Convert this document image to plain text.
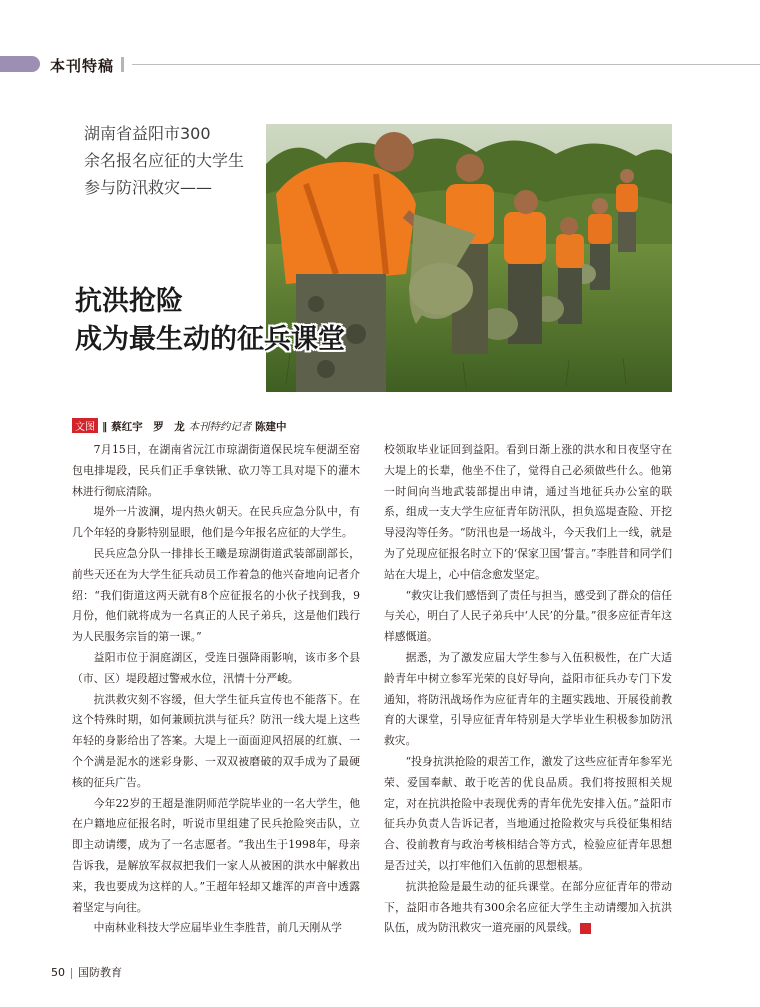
本刊特稿
湖南省益阳市300
余名报名应征的大学生
参与防汛救灾——
抗洪抢险
成为最生动的征兵课堂
文图 ‖ 蔡红宇　罗　龙 本刊特约记者 陈建中

7月15日，在湖南省沅江市琼湖街道保民垸车便湖至窑包电排堤段，民兵们正手拿铁锹、砍刀等工具对堤下的灌木林进行彻底清除。

堤外一片波澜，堤内热火朝天。在民兵应急分队中，有几个年轻的身影特别显眼，他们是今年报名应征的大学生。

民兵应急分队一排排长王曦是琼湖街道武装部副部长，前些天还在为大学生征兵动员工作着急的他兴奋地向记者介绍：“我们街道这两天就有8个应征报名的小伙子找到我，9月份，他们就将成为一名真正的人民子弟兵，这是他们践行为人民服务宗旨的第一课。”

益阳市位于洞庭湖区，受连日强降雨影响，该市多个县（市、区）堤段超过警戒水位，汛情十分严峻。

抗洪救灾刻不容缓，但大学生征兵宣传也不能落下。在这个特殊时期，如何兼顾抗洪与征兵？防汛一线大堤上这些年轻的身影给出了答案。大堤上一面面迎风招展的红旗、一个个满是泥水的迷彩身影、一双双被磨破的双手成为了最硬核的征兵广告。

今年22岁的王超是淮阴师范学院毕业的一名大学生，他在户籍地应征报名时，听说市里组建了民兵抢险突击队，立即主动请缨，成为了一名志愿者。“我出生于1998年，母亲告诉我，是解放军叔叔把我们一家人从被困的洪水中解救出来，我也要成为这样的人。”王超年轻却又雄浑的声音中透露着坚定与向往。

中南林业科技大学应届毕业生李胜昔，前几天刚从学

校领取毕业证回到益阳。看到日渐上涨的洪水和日夜坚守在大堤上的长辈，他坐不住了，觉得自己必须做些什么。他第一时间向当地武装部提出申请，通过当地征兵办公室的联系，组成一支大学生应征青年防汛队，担负巡堤查险、开挖导浸沟等任务。“防汛也是一场战斗，今天我们上一线，就是为了兑现应征报名时立下的‘保家卫国’誓言。”李胜昔和同学们站在大堤上，心中信念愈发坚定。

“救灾让我们感悟到了责任与担当，感受到了群众的信任与关心，明白了人民子弟兵中‘人民’的分量。”很多应征青年这样感慨道。

据悉，为了激发应届大学生参与入伍积极性，在广大适龄青年中树立参军光荣的良好导向，益阳市征兵办专门下发通知，将防汛战场作为应征青年的主题实践地、开展役前教育的大课堂，引导应征青年特别是大学毕业生积极参加防汛救灾。

“投身抗洪抢险的艰苦工作，激发了这些应征青年参军光荣、爱国奉献、敢于吃苦的优良品质。我们将按照相关规定，对在抗洪抢险中表现优秀的青年优先安排入伍。”益阳市征兵办负责人告诉记者，当地通过抢险救灾与兵役征集相结合、役前教育与政治考核相结合等方式，检验应征青年思想是否过关，以打牢他们入伍前的思想根基。

抗洪抢险是最生动的征兵课堂。在部分应征青年的带动下，益阳市各地共有300余名应征大学生主动请缨加入抗洪队伍，成为防汛救灾一道亮丽的风景线。	G

50 国防教育
